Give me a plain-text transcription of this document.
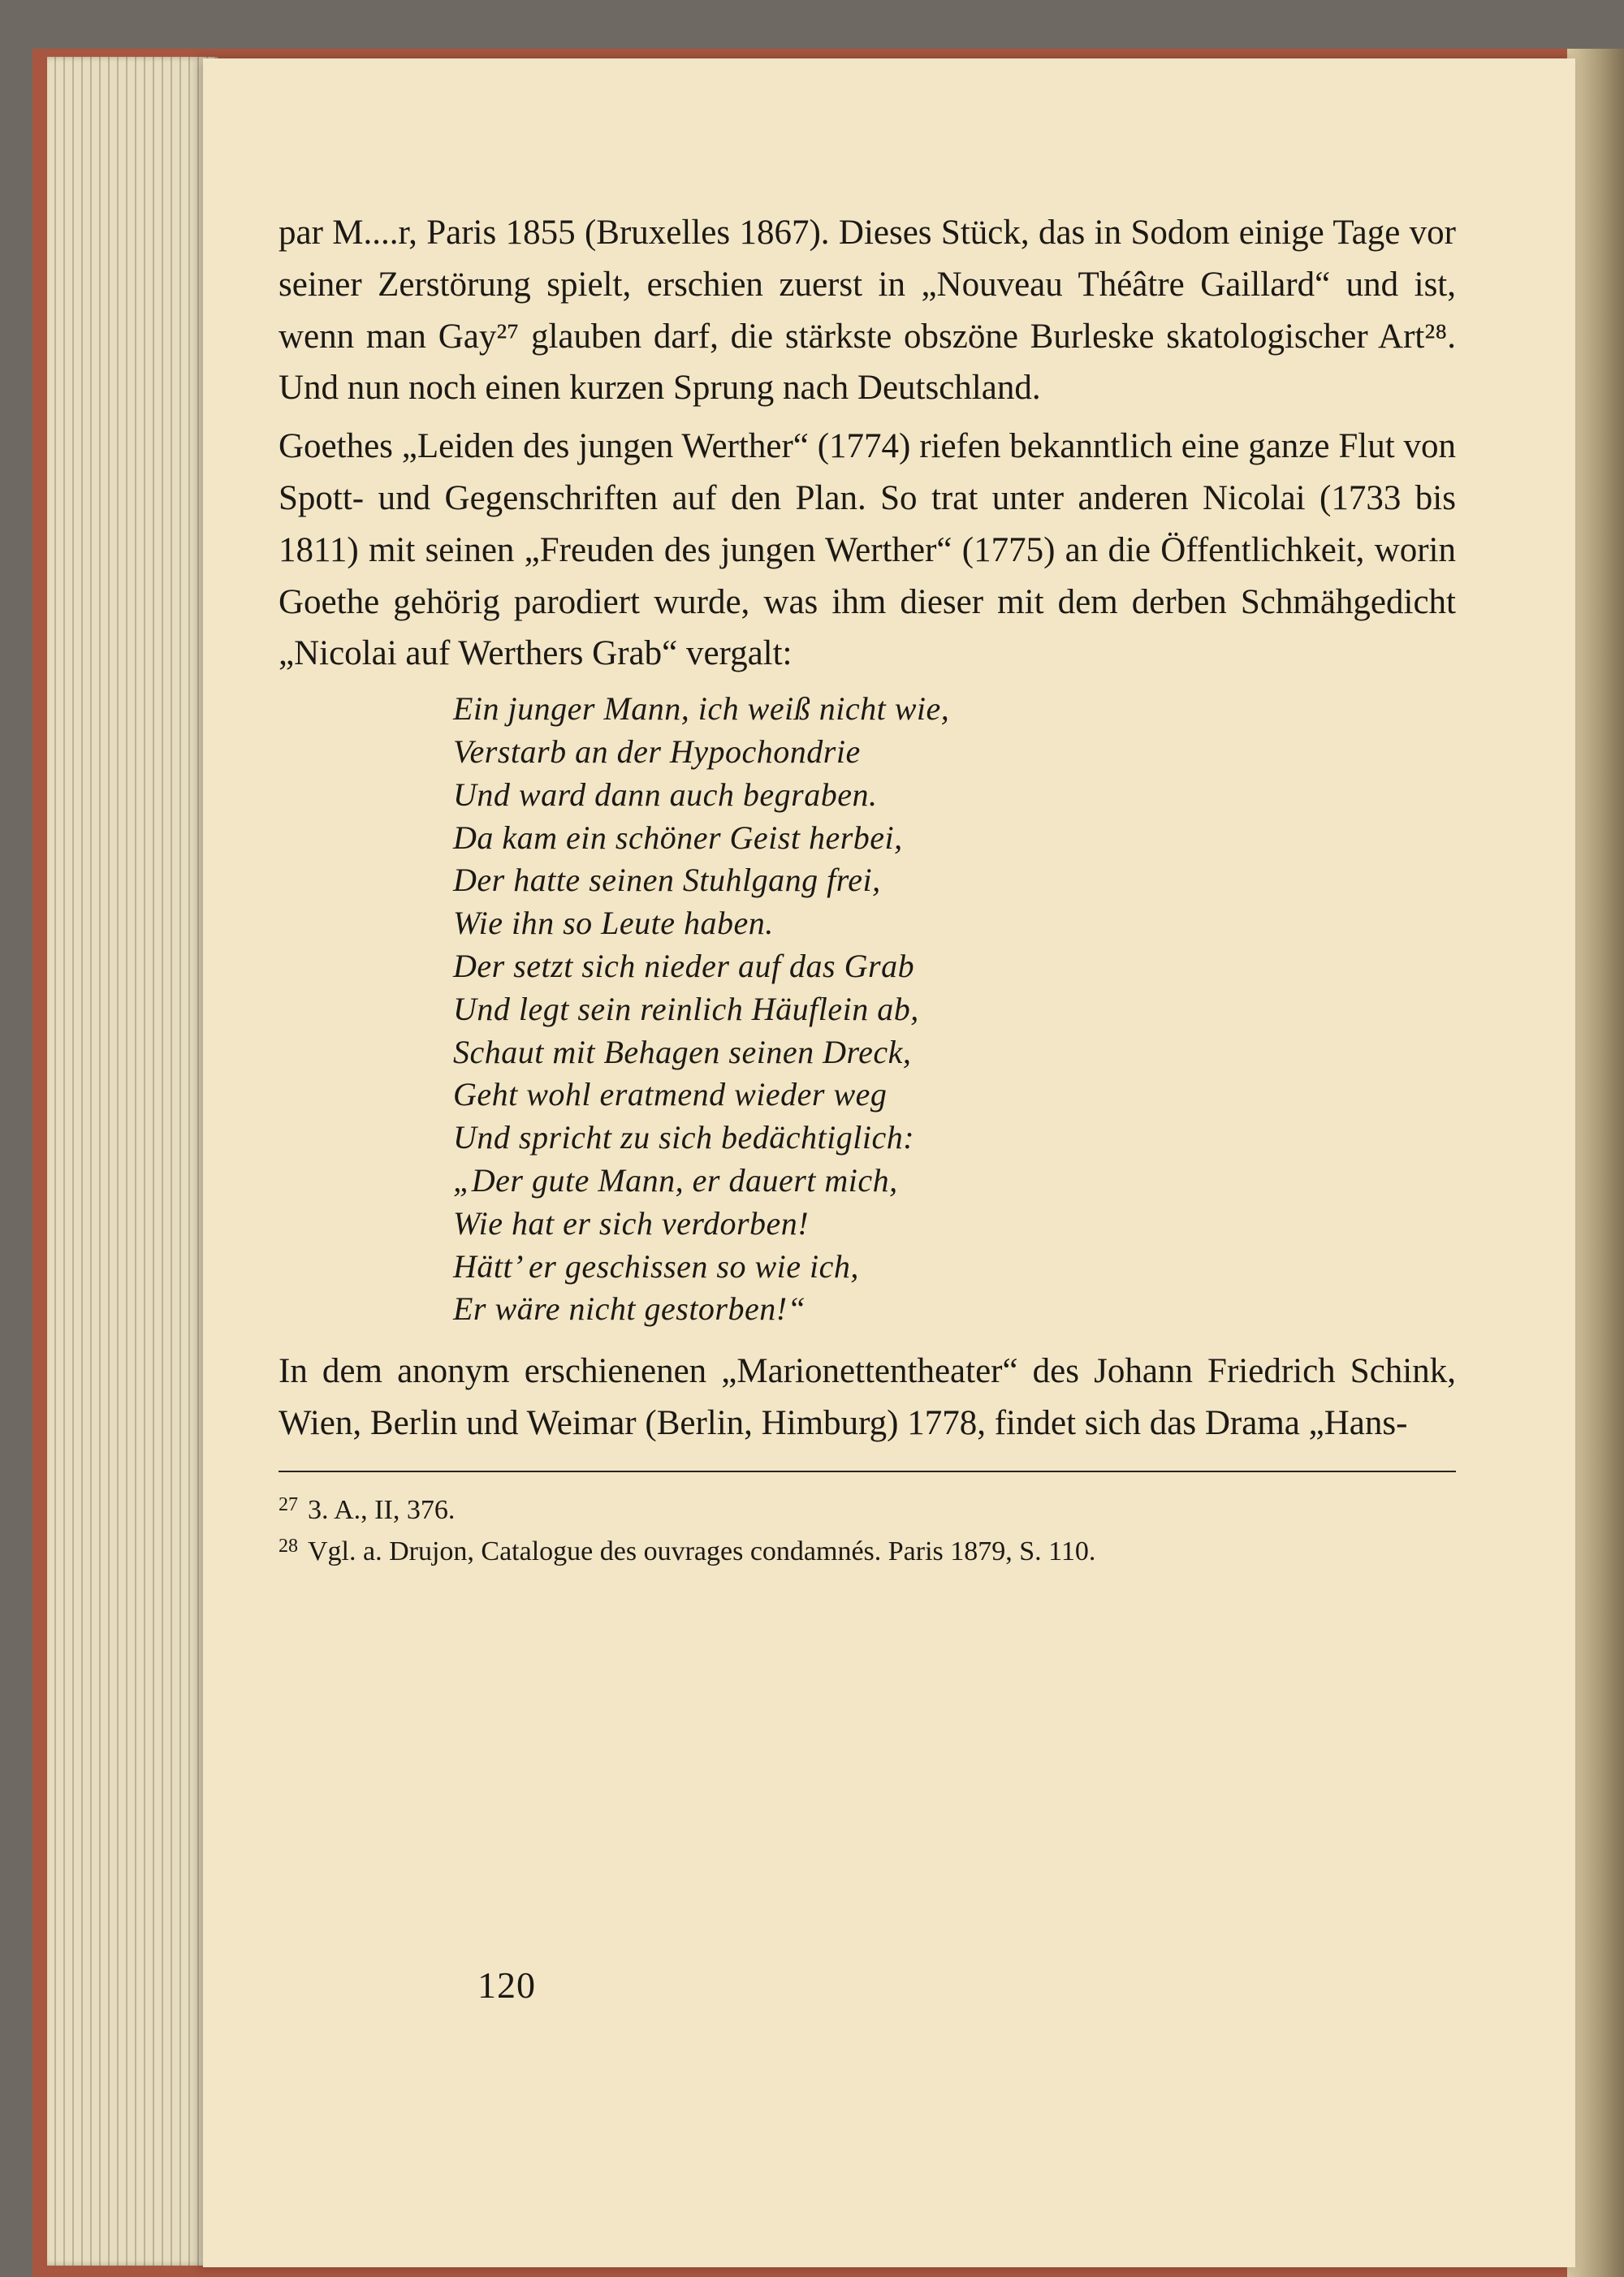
par M....r, Paris 1855 (Bruxelles 1867). Dieses Stück, das in Sodom einige Tage vor seiner Zerstörung spielt, erschien zuerst in „Nouveau Théâtre Gaillard“ und ist, wenn man Gay²⁷ glauben darf, die stärkste obszöne Burleske skatologischer Art²⁸. Und nun noch einen kurzen Sprung nach Deutschland.

Goethes „Leiden des jungen Werther“ (1774) riefen bekanntlich eine ganze Flut von Spott- und Gegenschriften auf den Plan. So trat unter anderen Nicolai (1733 bis 1811) mit seinen „Freuden des jungen Werther“ (1775) an die Öffentlichkeit, worin Goethe gehörig parodiert wurde, was ihm dieser mit dem derben Schmähgedicht „Nicolai auf Werthers Grab“ vergalt:

Ein junger Mann, ich weiß nicht wie,
Verstarb an der Hypochondrie
Und ward dann auch begraben.
Da kam ein schöner Geist herbei,
Der hatte seinen Stuhlgang frei,
Wie ihn so Leute haben.
Der setzt sich nieder auf das Grab
Und legt sein reinlich Häuflein ab,
Schaut mit Behagen seinen Dreck,
Geht wohl eratmend wieder weg
Und spricht zu sich bedächtiglich:
„Der gute Mann, er dauert mich,
Wie hat er sich verdorben!
Hätt’ er geschissen so wie ich,
Er wäre nicht gestorben!“

In dem anonym erschienenen „Marionettentheater“ des Johann Friedrich Schink, Wien, Berlin und Weimar (Berlin, Himburg) 1778, findet sich das Drama „Hans-

$^{27}$ 3. A., II, 376.

$^{28}$ Vgl. a. Drujon, Catalogue des ouvrages condamnés. Paris 1879, S. 110.

120
